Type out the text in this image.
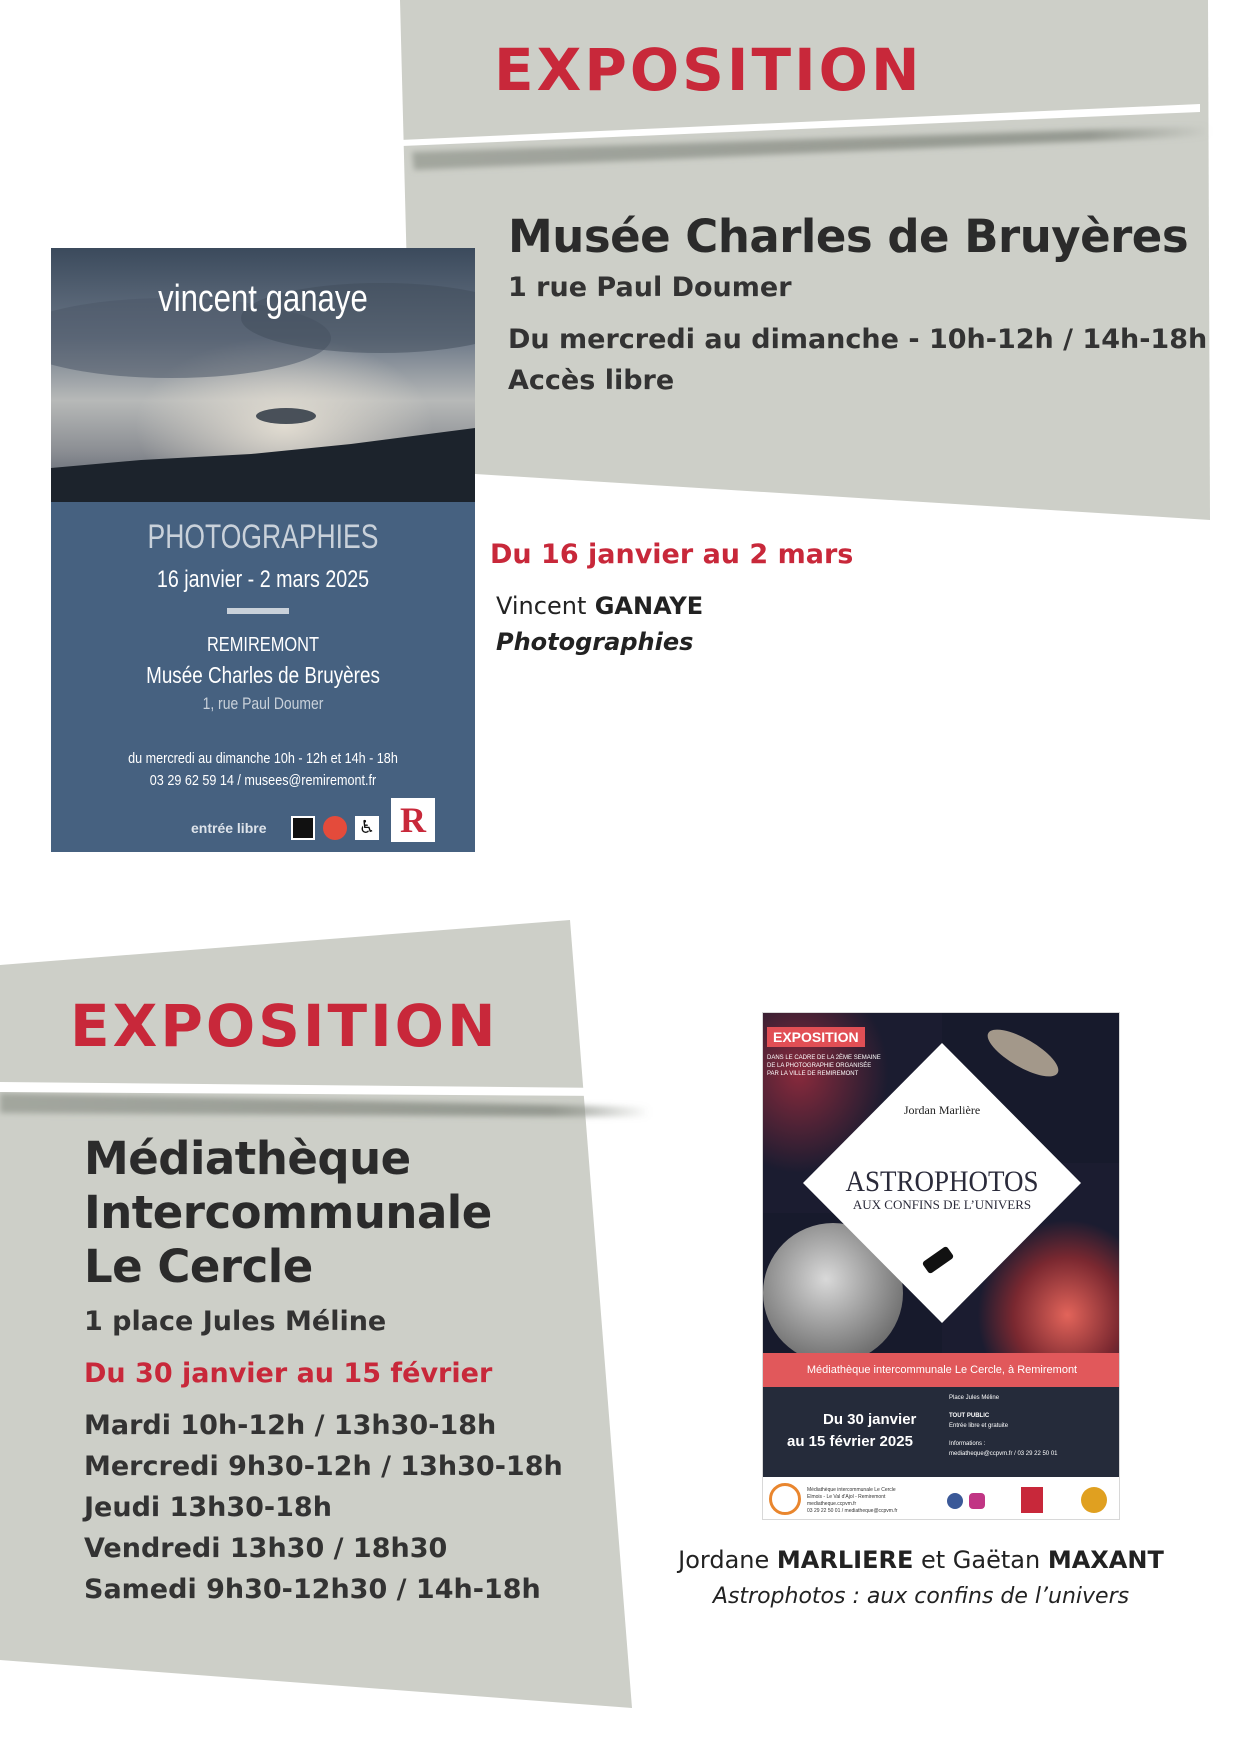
EXPOSITION
Musée Charles de Bruyères
1 rue Paul Doumer
Du mercredi au dimanche - 10h-12h / 14h-18h
Accès libre
Du 16 janvier au 2 mars
Vincent GANAYE
Photographies
vincent ganaye
PHOTOGRAPHIES
16 janvier - 2 mars 2025
REMIREMONT
Musée Charles de Bruyères
1, rue Paul Doumer
du mercredi au dimanche 10h - 12h et 14h - 18h
03 29 62 59 14 / musees@remiremont.fr
entrée libre	♿ R
EXPOSITION
Médiathèque
Intercommunale
Le Cercle
1 place Jules Méline
Du 30 janvier au 15 février
Mardi 10h-12h / 13h30-18h
Mercredi 9h30-12h / 13h30-18h
Jeudi 13h30-18h
Vendredi 13h30 / 18h30
Samedi 9h30-12h30 / 14h-18h
EXPOSITION
DANS LE CADRE DE LA 2ÈME SEMAINE
DE LA PHOTOGRAPHIE ORGANISÉE
PAR LA VILLE DE REMIREMONT
Jordan Marlière
ASTROPHOTOS
AUX CONFINS DE L’UNIVERS
Médiathèque intercommunale Le Cercle, à Remiremont
Du 30 janvier
au 15 février 2025
Place Jules Méline
TOUT PUBLIC
Entrée libre et gratuite
Informations :
mediatheque@ccpvm.fr / 03 29 22 50 01
Médiathèque intercommunale Le Cercle
Elmois - Le Val d'Ajol - Remiremont
mediatheque.ccpvm.fr
03 29 22 50 01 / mediatheque@ccpvm.fr
Jordane MARLIERE et Gaëtan MAXANT
Astrophotos : aux confins de l’univers
